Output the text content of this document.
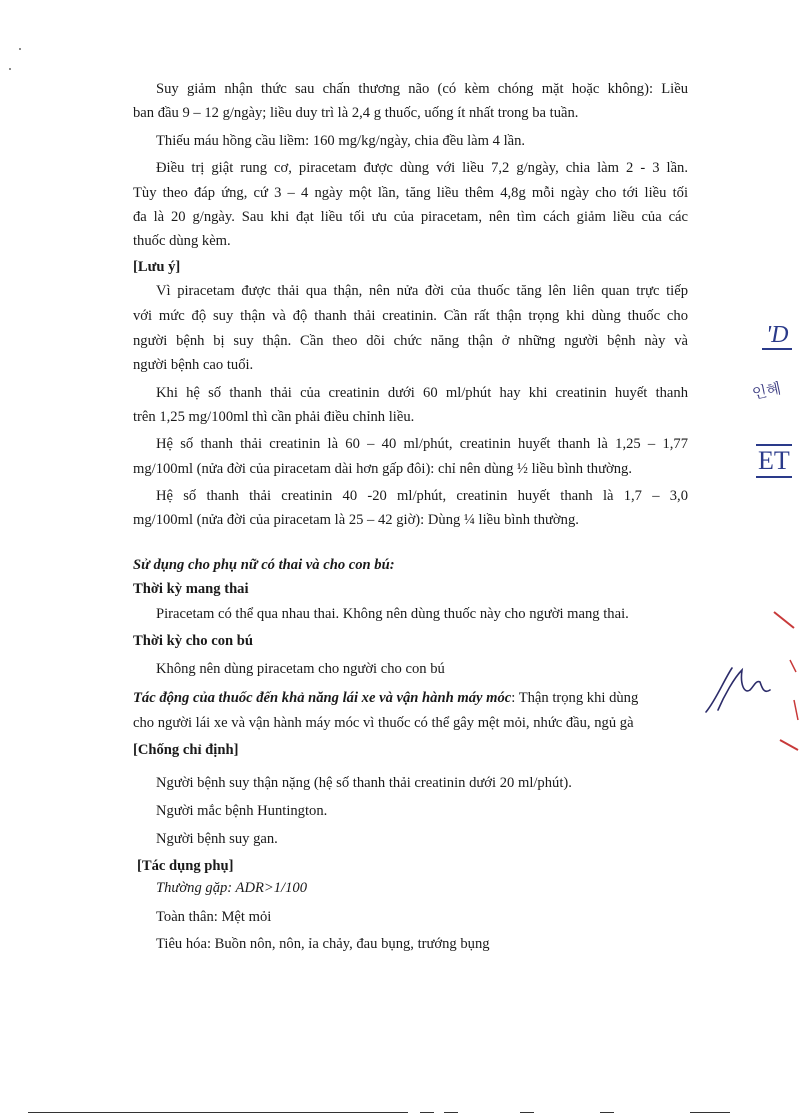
Suy giảm nhận thức sau chấn thương não (có kèm chóng mặt hoặc không): Liều
ban đầu 9 – 12 g/ngày; liều duy trì là 2,4 g thuốc, uống ít nhất trong ba tuần.
Thiếu máu hồng cầu liềm: 160 mg/kg/ngày, chia đều làm 4 lần.
Điều trị giật rung cơ, piracetam được dùng với liều 7,2 g/ngày, chia làm 2 - 3 lần.
Tùy theo đáp ứng, cứ 3 – 4 ngày một lần, tăng liều thêm 4,8g mỗi ngày cho tới liều tối
đa là 20 g/ngày. Sau khi đạt liều tối ưu của piracetam, nên tìm cách giảm liều của các
thuốc dùng kèm.
[Lưu ý]
Vì piracetam được thải qua thận, nên nửa đời của thuốc tăng lên liên quan trực tiếp
với mức độ suy thận và độ thanh thải creatinin. Cần rất thận trọng khi dùng thuốc cho
người bệnh bị suy thận. Cần theo dõi chức năng thận ở những người bệnh này và
người bệnh cao tuổi.
Khi hệ số thanh thải của creatinin dưới 60 ml/phút hay khi creatinin huyết thanh
trên 1,25 mg/100ml thì cần phải điều chỉnh liều.
Hệ số thanh thải creatinin là 60 – 40 ml/phút, creatinin huyết thanh là 1,25 – 1,77
mg/100ml (nửa đời của piracetam dài hơn gấp đôi): chỉ nên dùng ½ liều bình thường.
Hệ số thanh thải creatinin 40 -20 ml/phút, creatinin huyết thanh là 1,7 – 3,0
mg/100ml (nửa đời của piracetam là 25 – 42 giờ): Dùng ¼ liều bình thường.
Sử dụng cho phụ nữ có thai và cho con bú:
Thời kỳ mang thai
Piracetam có thể qua nhau thai. Không nên dùng thuốc này cho người mang thai.
Thời kỳ cho con bú
Không nên dùng piracetam cho người cho con bú
Tác động của thuốc đến khả năng lái xe và vận hành máy móc: Thận trọng khi dùng
cho người lái xe và vận hành máy móc vì thuốc có thể gây mệt mỏi, nhức đầu, ngủ gà
[Chống chỉ định]
Người bệnh suy thận nặng (hệ số thanh thải creatinin dưới 20 ml/phút).
Người mắc bệnh Huntington.
Người bệnh suy gan.
[Tác dụng phụ]
Thường gặp: ADR>1/100
Toàn thân: Mệt mỏi
Tiêu hóa: Buồn nôn, nôn, ỉa chảy, đau bụng, trướng bụng
'D
인혜
ET
